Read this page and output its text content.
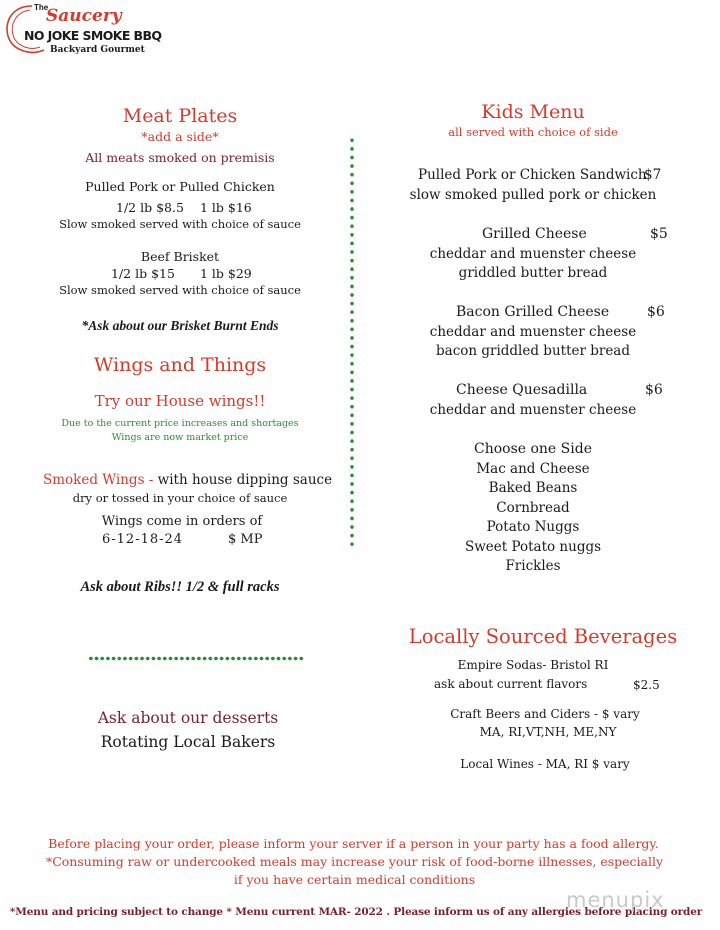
The
Saucery
NO JOKE SMOKE BBQ
Backyard Gourmet
Meat Plates
*add a side*
All meats smoked on premisis
Pulled Pork or Pulled Chicken
1/2 lb $8.5 1 lb $16
Slow smoked served with choice of sauce
Beef Brisket
1/2 lb $15 1 lb $29
Slow smoked served with choice of sauce
*Ask about our Brisket Burnt Ends
Wings and Things
Try our House wings!!
Due to the current price increases and shortages
Wings are now market price
Smoked Wings - with house dipping sauce
dry or tossed in your choice of sauce
Wings come in orders of
6-12-18-24	$ MP
Ask about Ribs!! 1/2 & full racks
Ask about our desserts
Rotating Local Bakers
Kids Menu
all served with choice of side
Pulled Pork or Chicken Sandwich
$7
slow smoked pulled pork or chicken
Grilled Cheese	$5
cheddar and muenster cheese
griddled butter bread
Bacon Grilled Cheese	$6
cheddar and muenster cheese
bacon griddled butter bread
Cheese Quesadilla	$6
cheddar and muenster cheese
Choose one Side
Mac and Cheese
Baked Beans
Cornbread
Potato Nuggs
Sweet Potato nuggs
Frickles
Locally Sourced Beverages
Empire Sodas- Bristol RI
ask about current flavors	$2.5
Craft Beers and Ciders - $ vary
MA, RI,VT,NH, ME,NY
Local Wines - MA, RI $ vary
Before placing your order, please inform your server if a person in your party has a food allergy.
*Consuming raw or undercooked meals may increase your risk of food-borne illnesses, especially
if you have certain medical conditions
*Menu and pricing subject to change * Menu current MAR- 2022 . Please inform us of any allergies before placing order
menupix
